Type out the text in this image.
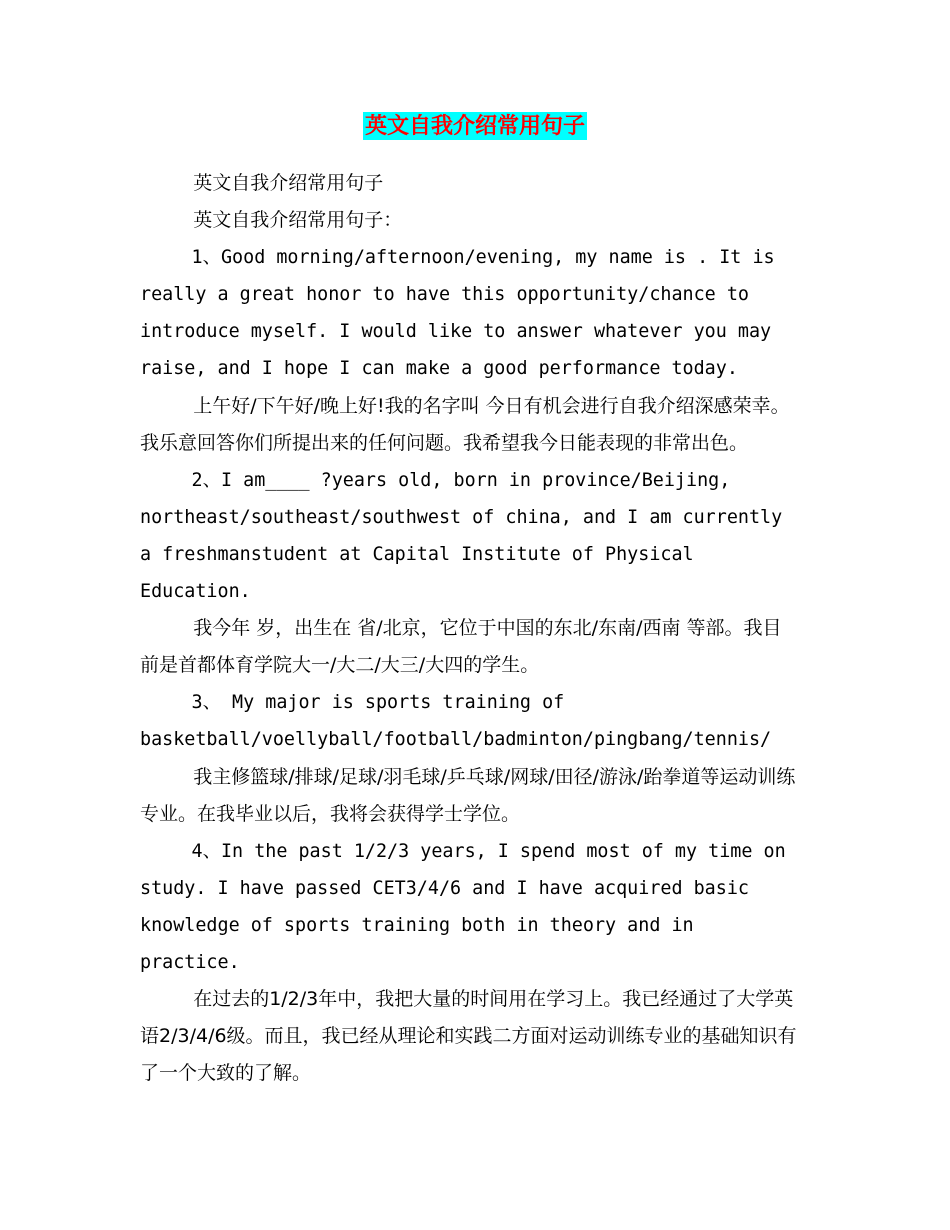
英文自我介绍常用句子

英文自我介绍常用句子

英文自我介绍常用句子：

1、Good morning/afternoon/evening, my name is . It is really a great honor to have this opportunity/chance to introduce myself. I would like to answer whatever you may raise, and I hope I can make a good performance today.

上午好/下午好/晚上好!我的名字叫 今日有机会进行自我介绍深感荣幸。我乐意回答你们所提出来的任何问题。我希望我今日能表现的非常出色。

2、I am____ ?years old, born in province/Beijing, northeast/southeast/southwest of china, and I am currently a freshmanstudent at Capital Institute of Physical Education.

我今年 岁，出生在 省/北京，它位于中国的东北/东南/西南 等部。我目前是首都体育学院大一/大二/大三/大四的学生。

3、 My major is sports training of basketball/voellyball/football/badminton/pingbang/tennis/

我主修篮球/排球/足球/羽毛球/乒乓球/网球/田径/游泳/跆拳道等运动训练专业。在我毕业以后，我将会获得学士学位。

4、In the past 1/2/3 years, I spend most of my time on study. I have passed CET3/4/6 and I have acquired basic knowledge of sports training both in theory and in practice.

在过去的1/2/3年中，我把大量的时间用在学习上。我已经通过了大学英语2/3/4/6级。而且，我已经从理论和实践二方面对运动训练专业的基础知识有了一个大致的了解。
